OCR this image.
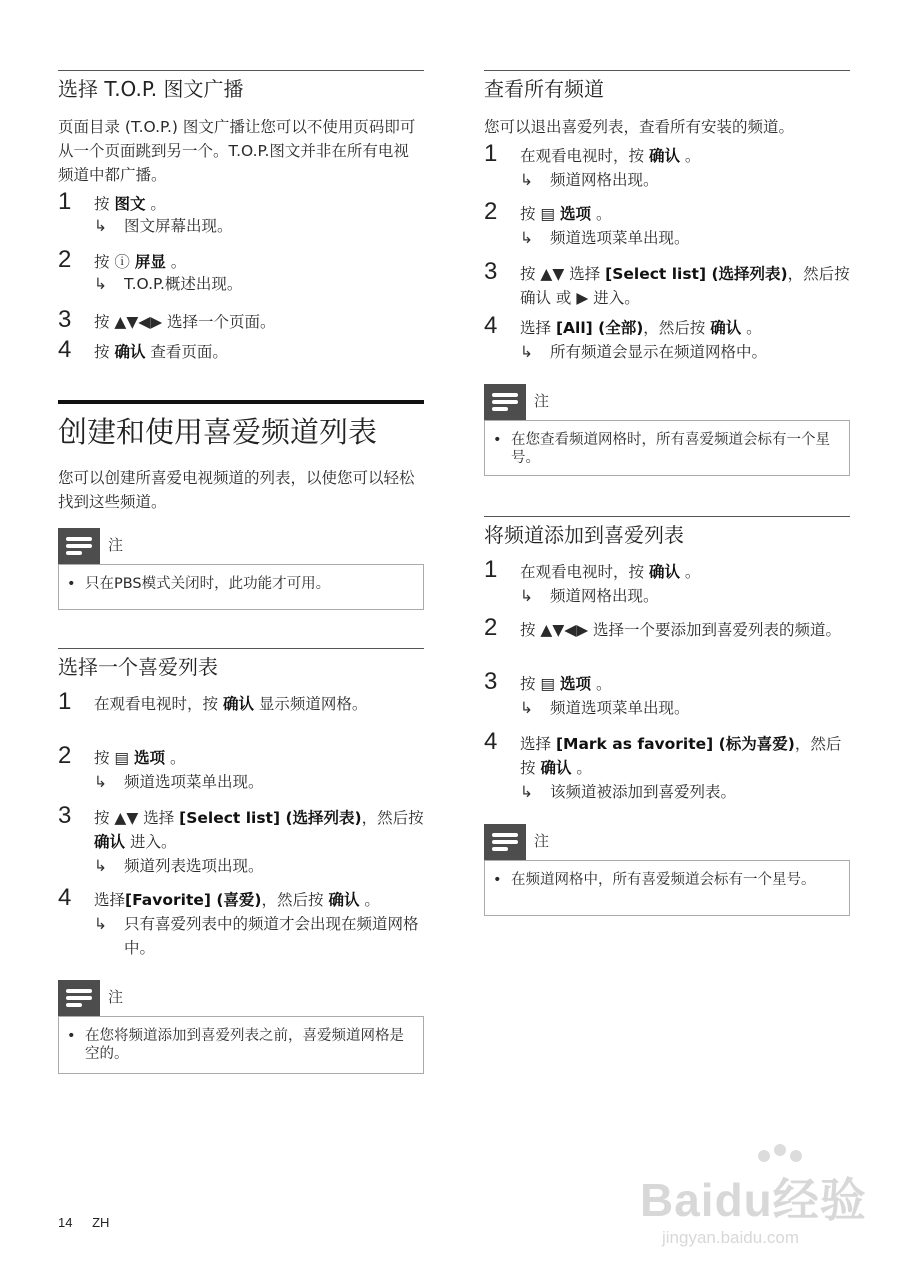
选择 T.O.P. 图文广播
页面目录 (T.O.P.) 图文广播让您可以不使用页码即可从一个页面跳到另一个。T.O.P.图文并非在所有电视频道中都广播。
1 按 图文 。
↳ 图文屏幕出现。
2 按 ⓘ 屏显 。
↳ T.O.P.概述出现。
3 按 ▲▼◀▶ 选择一个页面。
4 按 确认 查看页面。
创建和使用喜爱频道列表
您可以创建所喜爱电视频道的列表，以使您可以轻松找到这些频道。
注
• 只在PBS模式关闭时，此功能才可用。
选择一个喜爱列表
1 在观看电视时，按 确认 显示频道网格。
2 按 ▤ 选项 。
↳ 频道选项菜单出现。
3 按 ▲▼ 选择 [Select list] (选择列表)，然后按 确认 进入。
↳ 频道列表选项出现。
4 选择[Favorite] (喜爱)，然后按 确认 。
↳ 只有喜爱列表中的频道才会出现在频道网格中。
注
• 在您将频道添加到喜爱列表之前，喜爱频道网格是空的。
查看所有频道
您可以退出喜爱列表，查看所有安装的频道。
1 在观看电视时，按 确认 。
↳ 频道网格出现。
2 按 ▤ 选项 。
↳ 频道选项菜单出现。
3 按 ▲▼ 选择 [Select list] (选择列表)，然后按 确认 或 ▶ 进入。
4 选择 [All] (全部)，然后按 确认 。
↳ 所有频道会显示在频道网格中。
注
• 在您查看频道网格时，所有喜爱频道会标有一个星号。
将频道添加到喜爱列表
1 在观看电视时，按 确认 。
↳ 频道网格出现。
2 按 ▲▼◀▶ 选择一个要添加到喜爱列表的频道。
3 按 ▤ 选项 。
↳ 频道选项菜单出现。
4 选择 [Mark as favorite] (标为喜爱)，然后按 确认 。
↳ 该频道被添加到喜爱列表。
注
• 在频道网格中，所有喜爱频道会标有一个星号。
14 ZH	Baidu经验
jingyan.baidu.com
